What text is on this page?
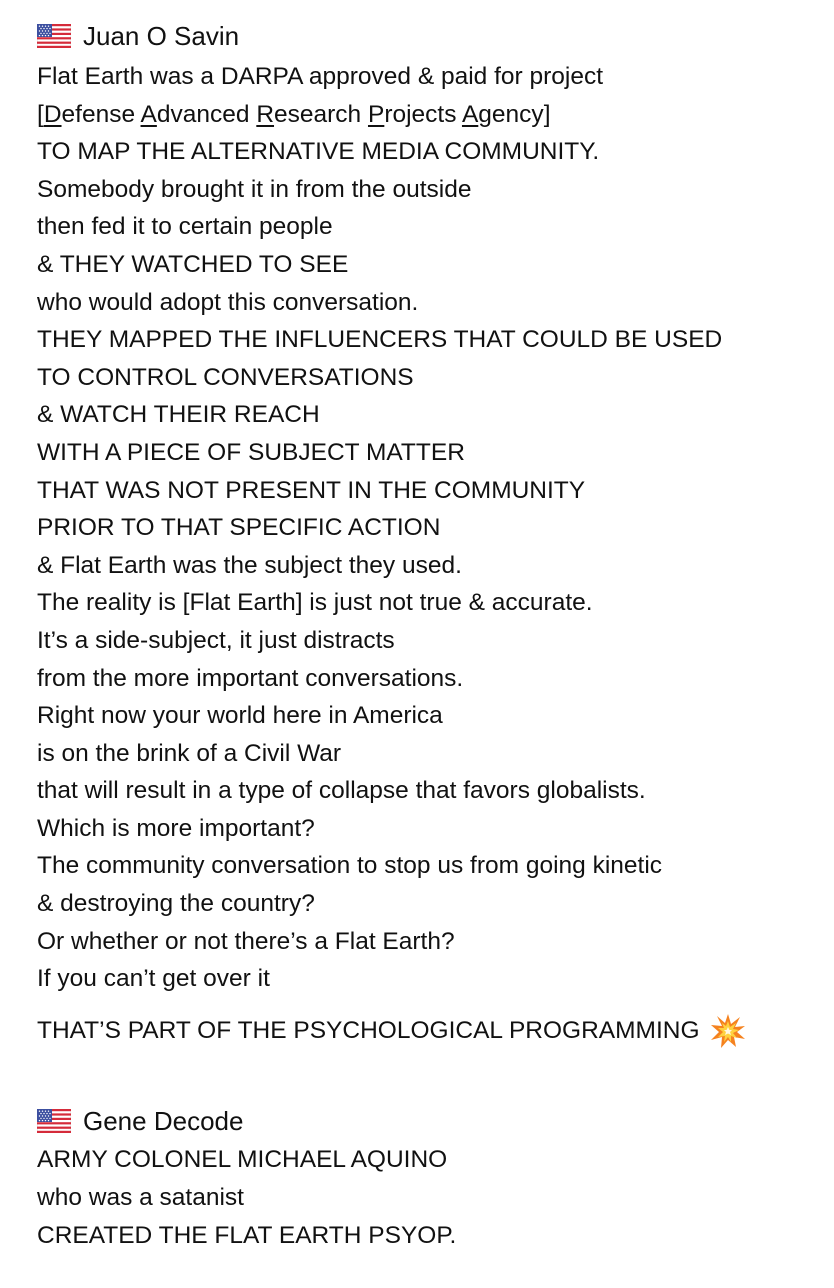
Juan O Savin
Flat Earth was a DARPA approved & paid for project
[Defense Advanced Research Projects Agency]
TO MAP THE ALTERNATIVE MEDIA COMMUNITY.
Somebody brought it in from the outside
then fed it to certain people
& THEY WATCHED TO SEE
who would adopt this conversation.
THEY MAPPED THE INFLUENCERS THAT COULD BE USED
TO CONTROL CONVERSATIONS
& WATCH THEIR REACH
WITH A PIECE OF SUBJECT MATTER
THAT WAS NOT PRESENT IN THE COMMUNITY
PRIOR TO THAT SPECIFIC ACTION
& Flat Earth was the subject they used.
The reality is [Flat Earth] is just not true & accurate.
It’s a side-subject, it just distracts
from the more important conversations.
Right now your world here in America
is on the brink of a Civil War
that will result in a type of collapse that favors globalists.
Which is more important?
The community conversation to stop us from going kinetic
& destroying the country?
Or whether or not there’s a Flat Earth?
If you can’t get over it
THAT’S PART OF THE PSYCHOLOGICAL PROGRAMMING
Gene Decode
ARMY COLONEL MICHAEL AQUINO
who was a satanist
CREATED THE FLAT EARTH PSYOP.
